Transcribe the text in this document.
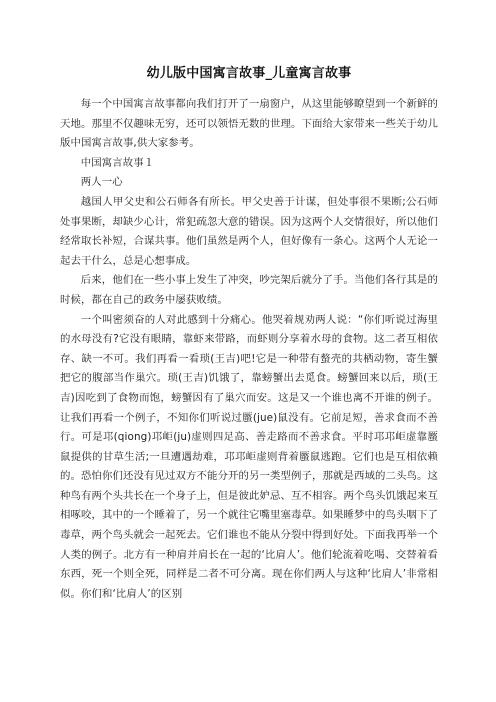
幼儿版中国寓言故事_儿童寓言故事

每一个中国寓言故事都向我们打开了一扇窗户，从这里能够瞭望到一个新鲜的天地。那里不仅趣味无穷，还可以领悟无数的世理。下面给大家带来一些关于幼儿版中国寓言故事,供大家参考。

中国寓言故事１

两人一心

越国人甲父史和公石师各有所长。甲父史善于计谋，但处事很不果断;公石师处事果断，却缺少心计，常犯疏忽大意的错误。因为这两个人交情很好，所以他们经常取长补短，合谋共事。他们虽然是两个人，但好像有一条心。这两个人无论一起去干什么，总是心想事成。

后来，他们在一些小事上发生了冲突，吵完架后就分了手。当他们各行其是的时候，都在自己的政务中屡获败绩。

一个叫密须奋的人对此感到十分痛心。他哭着规劝两人说：“你们听说过海里的水母没有?它没有眼睛，靠虾来带路，而虾则分享着水母的食物。这二者互相依存、缺一不可。我们再看一看琐(王吉)吧!它是一种带有螯壳的共栖动物，寄生蟹把它的腹部当作巢穴。琐(王吉)饥饿了，靠螃蟹出去觅食。螃蟹回来以后，琐(王吉)因吃到了食物而饱，螃蟹因有了巢穴而安。这是又一个谁也离不开谁的例子。让我们再看一个例子，不知你们听说过蟨(jue)鼠没有。它前足短，善求食而不善行。可是邛(qiong)邛岠(ju)虚则四足高、善走路而不善求食。平时邛邛岠虚靠蟨鼠提供的甘草生活;一旦遭遇劫难，邛邛岠虚则背着蟨鼠逃跑。它们也是互相依赖的。恐怕你们还没有见过双方不能分开的另一类型例子，那就是西域的二头鸟。这种鸟有两个头共长在一个身子上，但是彼此妒忌、互不相容。两个鸟头饥饿起来互相啄咬，其中的一个睡着了，另一个就往它嘴里塞毒草。如果睡梦中的鸟头咽下了毒草，两个鸟头就会一起死去。它们谁也不能从分裂中得到好处。下面我再举一个人类的例子。北方有一种肩并肩长在一起的‘比肩人’。他们轮流着吃喝、交替着看东西，死一个则全死，同样是二者不可分离。现在你们两人与这种‘比肩人’非常相似。你们和‘比肩人’的区别
